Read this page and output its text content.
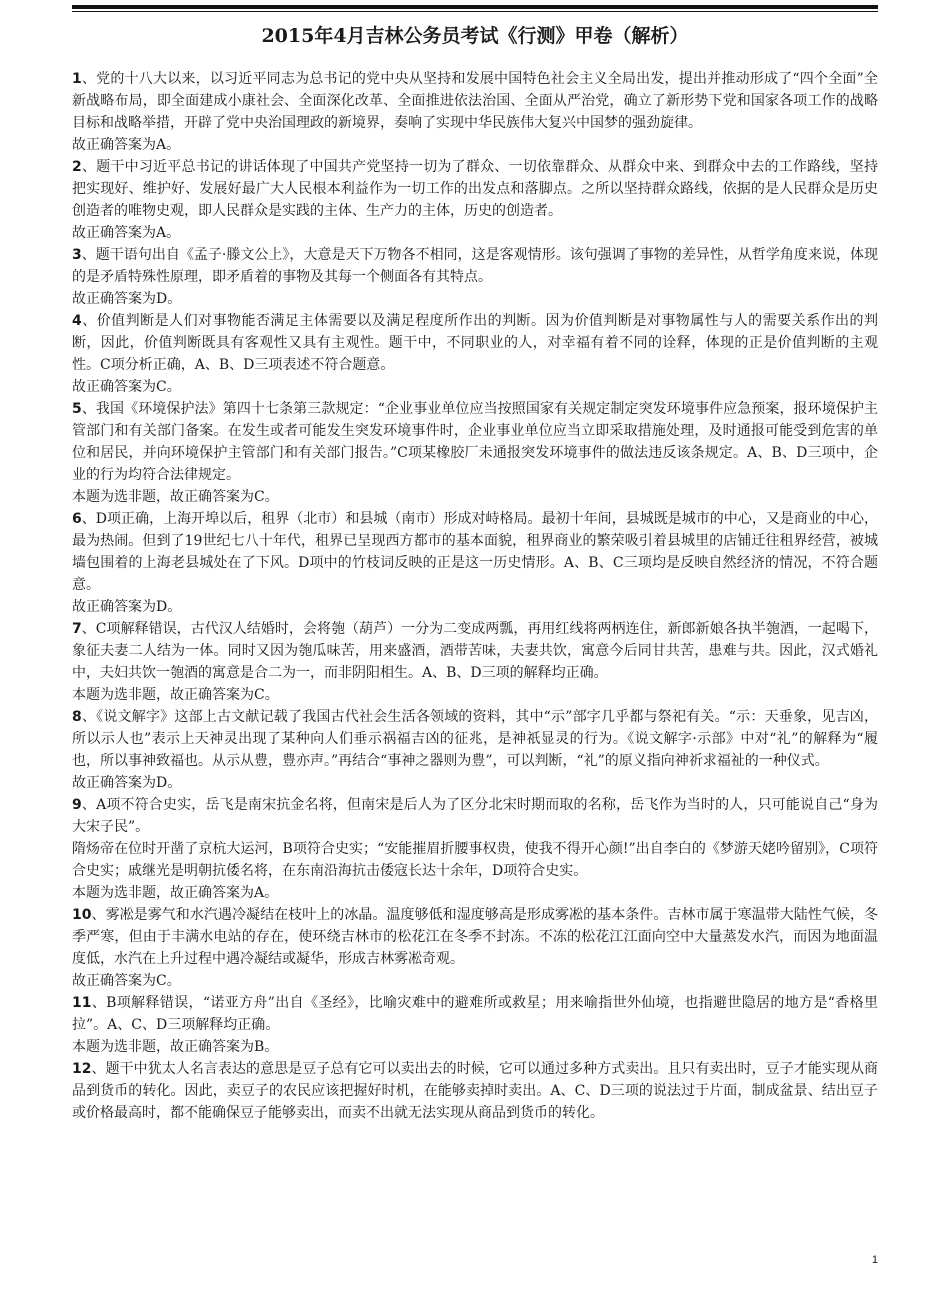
2015年4月吉林公务员考试《行测》甲卷（解析）

1、党的十八大以来，以习近平同志为总书记的党中央从坚持和发展中国特色社会主义全局出发，提出并推动形成了“四个全面”全新战略布局，即全面建成小康社会、全面深化改革、全面推进依法治国、全面从严治党，确立了新形势下党和国家各项工作的战略目标和战略举措，开辟了党中央治国理政的新境界，奏响了实现中华民族伟大复兴中国梦的强劲旋律。

故正确答案为A。

2、题干中习近平总书记的讲话体现了中国共产党坚持一切为了群众、一切依靠群众、从群众中来、到群众中去的工作路线，坚持把实现好、维护好、发展好最广大人民根本利益作为一切工作的出发点和落脚点。之所以坚持群众路线，依据的是人民群众是历史创造者的唯物史观，即人民群众是实践的主体、生产力的主体，历史的创造者。

故正确答案为A。

3、题干语句出自《孟子·滕文公上》，大意是天下万物各不相同，这是客观情形。该句强调了事物的差异性，从哲学角度来说，体现的是矛盾特殊性原理，即矛盾着的事物及其每一个侧面各有其特点。

故正确答案为D。

4、价值判断是人们对事物能否满足主体需要以及满足程度所作出的判断。因为价值判断是对事物属性与人的需要关系作出的判断，因此，价值判断既具有客观性又具有主观性。题干中，不同职业的人，对幸福有着不同的诠释，体现的正是价值判断的主观性。C项分析正确，A、B、D三项表述不符合题意。

故正确答案为C。

5、我国《环境保护法》第四十七条第三款规定：“企业事业单位应当按照国家有关规定制定突发环境事件应急预案，报环境保护主管部门和有关部门备案。在发生或者可能发生突发环境事件时，企业事业单位应当立即采取措施处理，及时通报可能受到危害的单位和居民，并向环境保护主管部门和有关部门报告。”C项某橡胶厂未通报突发环境事件的做法违反该条规定。A、B、D三项中，企业的行为均符合法律规定。

本题为选非题，故正确答案为C。

6、D项正确，上海开埠以后，租界（北市）和县城（南市）形成对峙格局。最初十年间，县城既是城市的中心，又是商业的中心，最为热闹。但到了19世纪七八十年代，租界已呈现西方都市的基本面貌，租界商业的繁荣吸引着县城里的店铺迁往租界经营，被城墙包围着的上海老县城处在了下风。D项中的竹枝词反映的正是这一历史情形。A、B、C三项均是反映自然经济的情况，不符合题意。

故正确答案为D。

7、C项解释错误，古代汉人结婚时，会将匏（葫芦）一分为二变成两瓢，再用红线将两柄连住，新郎新娘各执半匏酒，一起喝下，象征夫妻二人结为一体。同时又因为匏瓜味苦，用来盛酒，酒带苦味，夫妻共饮，寓意今后同甘共苦，患难与共。因此，汉式婚礼中，夫妇共饮一匏酒的寓意是合二为一，而非阴阳相生。A、B、D三项的解释均正确。

本题为选非题，故正确答案为C。

8、《说文解字》这部上古文献记载了我国古代社会生活各领域的资料，其中“示”部字几乎都与祭祀有关。“示：天垂象，见吉凶，所以示人也”表示上天神灵出现了某种向人们垂示祸福吉凶的征兆，是神祇显灵的行为。《说文解字·示部》中对“礼”的解释为“履也，所以事神致福也。从示从豊，豊亦声。”再结合“事神之器则为豊”，可以判断，“礼”的原义指向神祈求福祉的一种仪式。

故正确答案为D。

9、A项不符合史实，岳飞是南宋抗金名将，但南宋是后人为了区分北宋时期而取的名称，岳飞作为当时的人，只可能说自己“身为大宋子民”。

隋炀帝在位时开凿了京杭大运河，B项符合史实；“安能摧眉折腰事权贵，使我不得开心颜!”出自李白的《梦游天姥吟留别》，C项符合史实；戚继光是明朝抗倭名将，在东南沿海抗击倭寇长达十余年，D项符合史实。

本题为选非题，故正确答案为A。

10、雾凇是雾气和水汽遇冷凝结在枝叶上的冰晶。温度够低和湿度够高是形成雾凇的基本条件。吉林市属于寒温带大陆性气候，冬季严寒，但由于丰满水电站的存在，使环绕吉林市的松花江在冬季不封冻。不冻的松花江江面向空中大量蒸发水汽，而因为地面温度低，水汽在上升过程中遇冷凝结或凝华，形成吉林雾凇奇观。

故正确答案为C。

11、B项解释错误，“诺亚方舟”出自《圣经》，比喻灾难中的避难所或救星；用来喻指世外仙境，也指避世隐居的地方是“香格里拉”。A、C、D三项解释均正确。

本题为选非题，故正确答案为B。

12、题干中犹太人名言表达的意思是豆子总有它可以卖出去的时候，它可以通过多种方式卖出。且只有卖出时，豆子才能实现从商品到货币的转化。因此，卖豆子的农民应该把握好时机，在能够卖掉时卖出。A、C、D三项的说法过于片面，制成盆景、结出豆子或价格最高时，都不能确保豆子能够卖出，而卖不出就无法实现从商品到货币的转化。

1
